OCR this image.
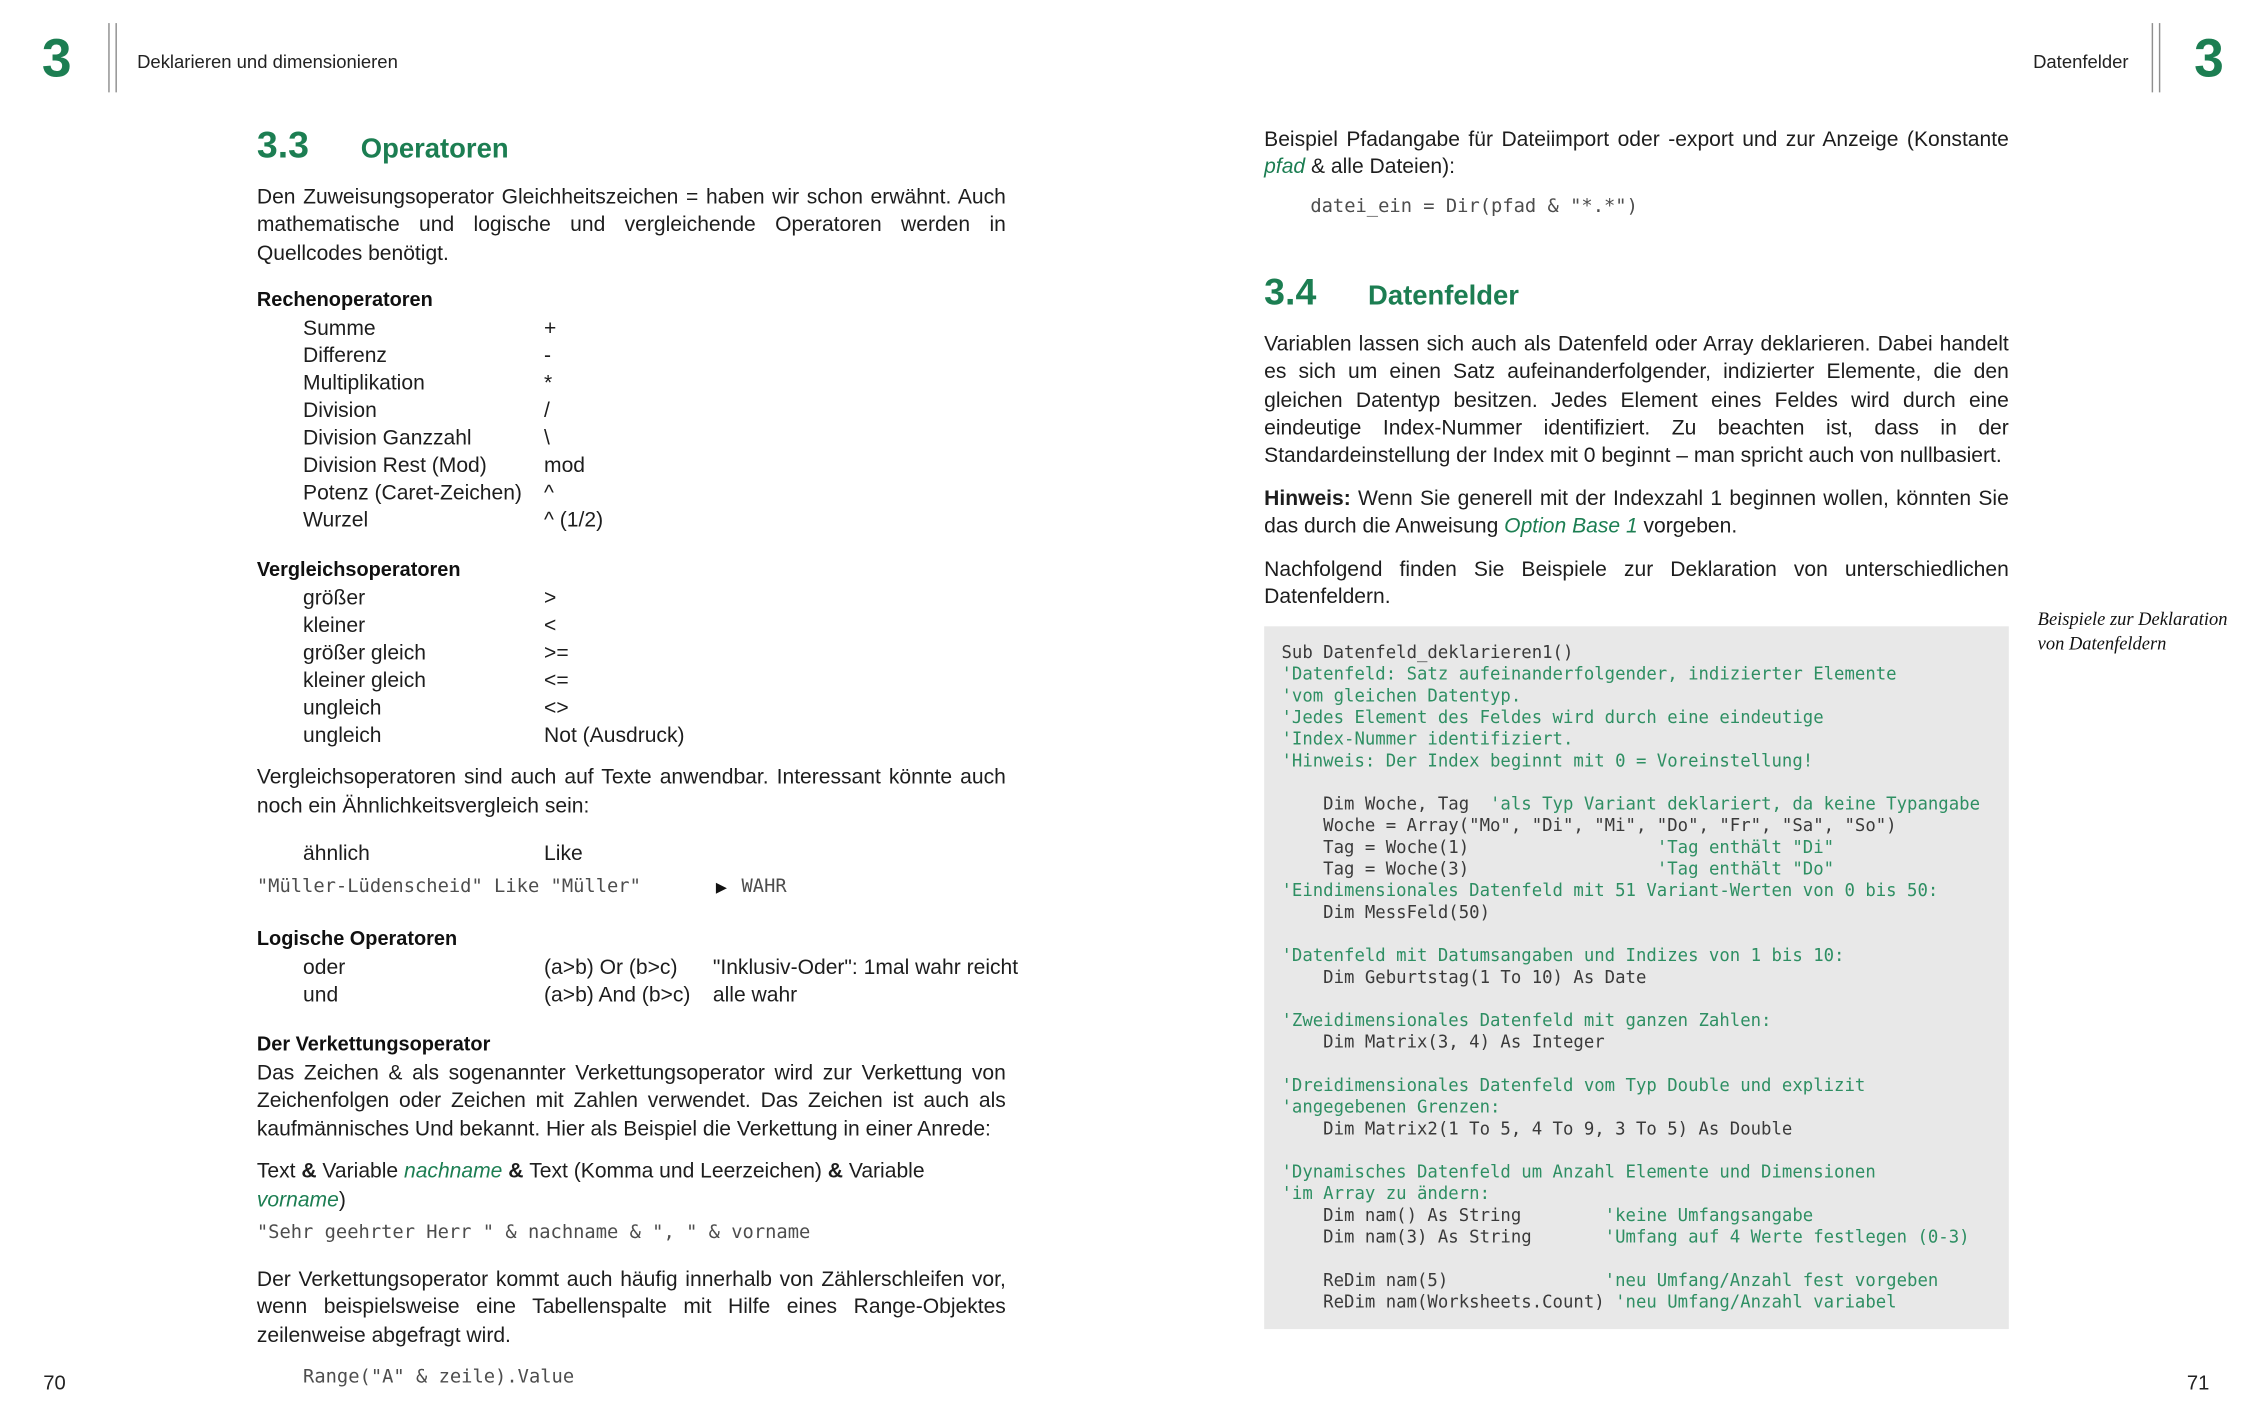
3	Deklarieren und dimensionieren	Datenfelder 3
3.3	Operatoren

Den Zuweisungsoperator Gleichheitszeichen = haben wir schon erwähnt. Auch mathematische und logische und vergleichende Operatoren werden in Quellcodes benötigt.

Rechenoperatoren
Summe	+
Differenz	-
Multiplikation	*
Division	/
Division Ganzzahl	\
Division Rest (Mod)	mod
Potenz (Caret-Zeichen)	^
Wurzel	^ (1/2)
Vergleichsoperatoren
größer	>
kleiner	<
größer gleich	>=
kleiner gleich	<=
ungleich	<>
ungleich	Not (Ausdruck)

Vergleichsoperatoren sind auch auf Texte anwendbar. Interessant könnte auch noch ein Ähnlichkeitsvergleich sein:

ähnlich	Like
"Müller-Lüdenscheid" Like "Müller"	▶ WAHR
Logische Operatoren
oder	(a>b) Or (b>c)	"Inklusiv-Oder": 1mal wahr reicht
und	(a>b) And (b>c)	alle wahr
Der Verkettungsoperator

Das Zeichen & als sogenannter Verkettungsoperator wird zur Verkettung von Zeichenfolgen oder Zeichen mit Zahlen verwendet. Das Zeichen ist auch als kaufmännisches Und bekannt. Hier als Beispiel die Verkettung in einer Anrede:

Text & Variable nachname & Text (Komma und Leerzeichen) & Variable vorname)

"Sehr geehrter Herr " & nachname & ", " & vorname

Der Verkettungsoperator kommt auch häufig innerhalb von Zählerschleifen vor, wenn beispielsweise eine Tabellenspalte mit Hilfe eines Range-Objektes zeilenweise abgefragt wird.

Range("A" & zeile).Value

Beispiel Pfadangabe für Dateiimport oder -export und zur Anzeige (Konstante pfad & alle Dateien):

datei_ein = Dir(pfad & "*.*")
3.4	Datenfelder

Variablen lassen sich auch als Datenfeld oder Array deklarieren. Dabei handelt es sich um einen Satz aufeinanderfolgender, indizierter Elemente, die den gleichen Datentyp besitzen. Jedes Element eines Feldes wird durch eine eindeutige Index-Nummer identifiziert. Zu beachten ist, dass in der Standardeinstellung der Index mit 0 beginnt – man spricht auch von nullbasiert.

Hinweis: Wenn Sie generell mit der Indexzahl 1 beginnen wollen, könnten Sie das durch die Anweisung Option Base 1 vorgeben.

Nachfolgend finden Sie Beispiele zur Deklaration von unterschiedlichen Datenfeldern.

Sub Datenfeld_deklarieren1()
'Datenfeld: Satz aufeinanderfolgender, indizierter Elemente
'vom gleichen Datentyp.
'Jedes Element des Feldes wird durch eine eindeutige
'Index-Nummer identifiziert.
'Hinweis: Der Index beginnt mit 0 = Voreinstellung!
Dim Woche, Tag  'als Typ Variant deklariert, da keine Typangabe
Woche = Array("Mo", "Di", "Mi", "Do", "Fr", "Sa", "So")
Tag = Woche(1)                  'Tag enthält "Di"
Tag = Woche(3)                  'Tag enthält "Do"
'Eindimensionales Datenfeld mit 51 Variant-Werten von 0 bis 50:
Dim MessFeld(50)
'Datenfeld mit Datumsangaben und Indizes von 1 bis 10:
Dim Geburtstag(1 To 10) As Date
'Zweidimensionales Datenfeld mit ganzen Zahlen:
Dim Matrix(3, 4) As Integer
'Dreidimensionales Datenfeld vom Typ Double und explizit
'angegebenen Grenzen:
Dim Matrix2(1 To 5, 4 To 9, 3 To 5) As Double
'Dynamisches Datenfeld um Anzahl Elemente und Dimensionen
'im Array zu ändern:
Dim nam() As String        'keine Umfangsangabe
Dim nam(3) As String       'Umfang auf 4 Werte festlegen (0-3)
ReDim nam(5)               'neu Umfang/Anzahl fest vorgeben
ReDim nam(Worksheets.Count) 'neu Umfang/Anzahl variabel
Beispiele zur Deklaration
von Datenfeldern
70	71
